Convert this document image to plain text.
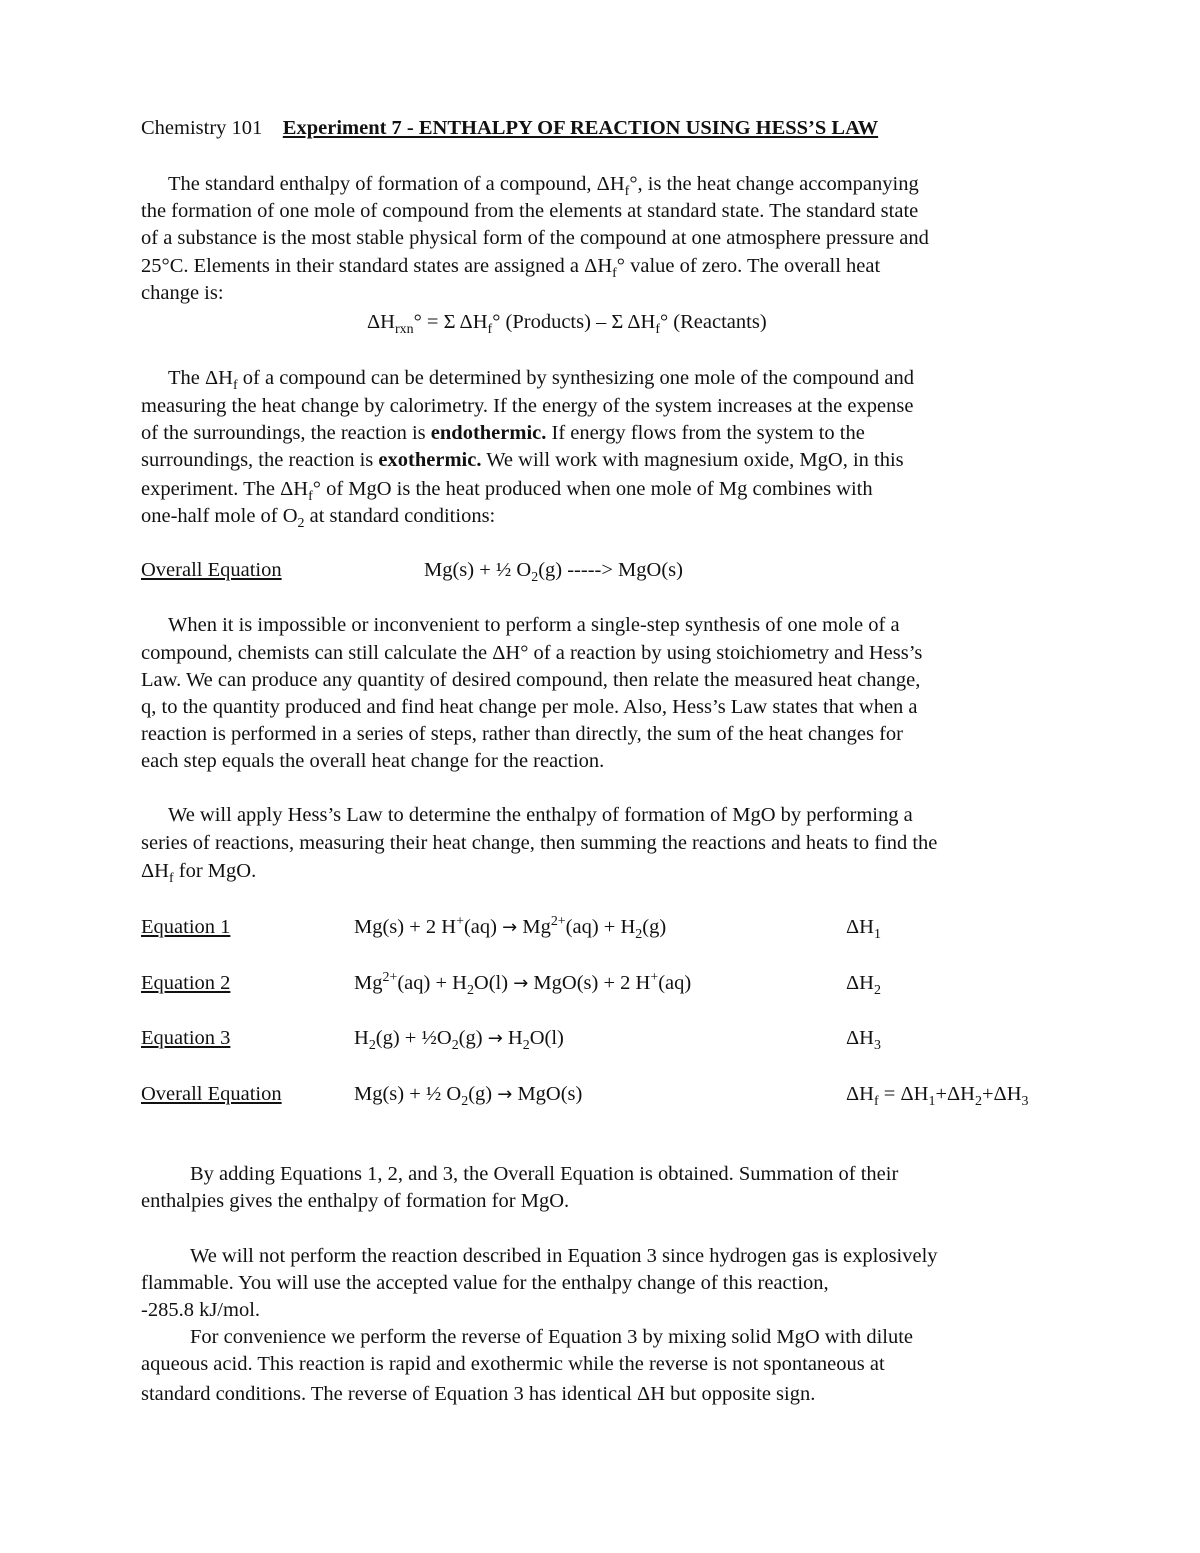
Chemistry 101 Experiment 7 - ENTHALPY OF REACTION USING HESS’S LAW
The standard enthalpy of formation of a compound, $\Delta H_f^\circ$, is the heat change accompanying
the formation of one mole of compound from the elements at standard state. The standard state
of a substance is the most stable physical form of the compound at one atmosphere pressure and
25°C. Elements in their standard states are assigned a $\Delta H_f^\circ$ value of zero. The overall heat
change is:
$\Delta H_{rxn}^\circ = \Sigma$ $\Delta H_f^\circ$ (Products) – Σ $\Delta H_f^\circ$ (Reactants)
The $\Delta H_f$ of a compound can be determined by synthesizing one mole of the compound and
measuring the heat change by calorimetry. If the energy of the system increases at the expense
of the surroundings, the reaction is endothermic. If energy flows from the system to the
surroundings, the reaction is exothermic. We will work with magnesium oxide, MgO, in this
experiment. The $\Delta H_f^\circ$ of MgO is the heat produced when one mole of Mg combines with
one-half mole of $O_2$ at standard conditions:
Overall Equation	Mg(s) + ½ $O_2(g)$ -----> MgO(s)
When it is impossible or inconvenient to perform a single-step synthesis of one mole of a
compound, chemists can still calculate the ΔH° of a reaction by using stoichiometry and Hess’s
Law. We can produce any quantity of desired compound, then relate the measured heat change,
q, to the quantity produced and find heat change per mole. Also, Hess’s Law states that when a
reaction is performed in a series of steps, rather than directly, the sum of the heat changes for
each step equals the overall heat change for the reaction.
We will apply Hess’s Law to determine the enthalpy of formation of MgO by performing a
series of reactions, measuring their heat change, then summing the reactions and heats to find the
$\Delta H_f$ for MgO.
Equation 1	Mg(s) + 2 $H^+(aq) \to Mg^{2+}(aq) + H_2(g)$	$\Delta H_1$
Equation 2	$Mg^{2+}(aq) + H_2O(l) \to MgO(s) + 2$ H+(aq)	$\Delta H_2$
Equation 3	$H_2(g)$ + $\frac{1}{2}O_2(g) \to H_2O(l)$	$\Delta H_3$
Overall Equation	Mg(s) + ½ $O_2(g) \to MgO(s)$	$\Delta H_f = \Delta H_1+\Delta H_2+\Delta H_3$
By adding Equations 1, 2, and 3, the Overall Equation is obtained. Summation of their
enthalpies gives the enthalpy of formation for MgO.
We will not perform the reaction described in Equation 3 since hydrogen gas is explosively
flammable. You will use the accepted value for the enthalpy change of this reaction,
-285.8 kJ/mol.
For convenience we perform the reverse of Equation 3 by mixing solid MgO with dilute
aqueous acid. This reaction is rapid and exothermic while the reverse is not spontaneous at
standard conditions. The reverse of Equation 3 has identical ΔH but opposite sign.
